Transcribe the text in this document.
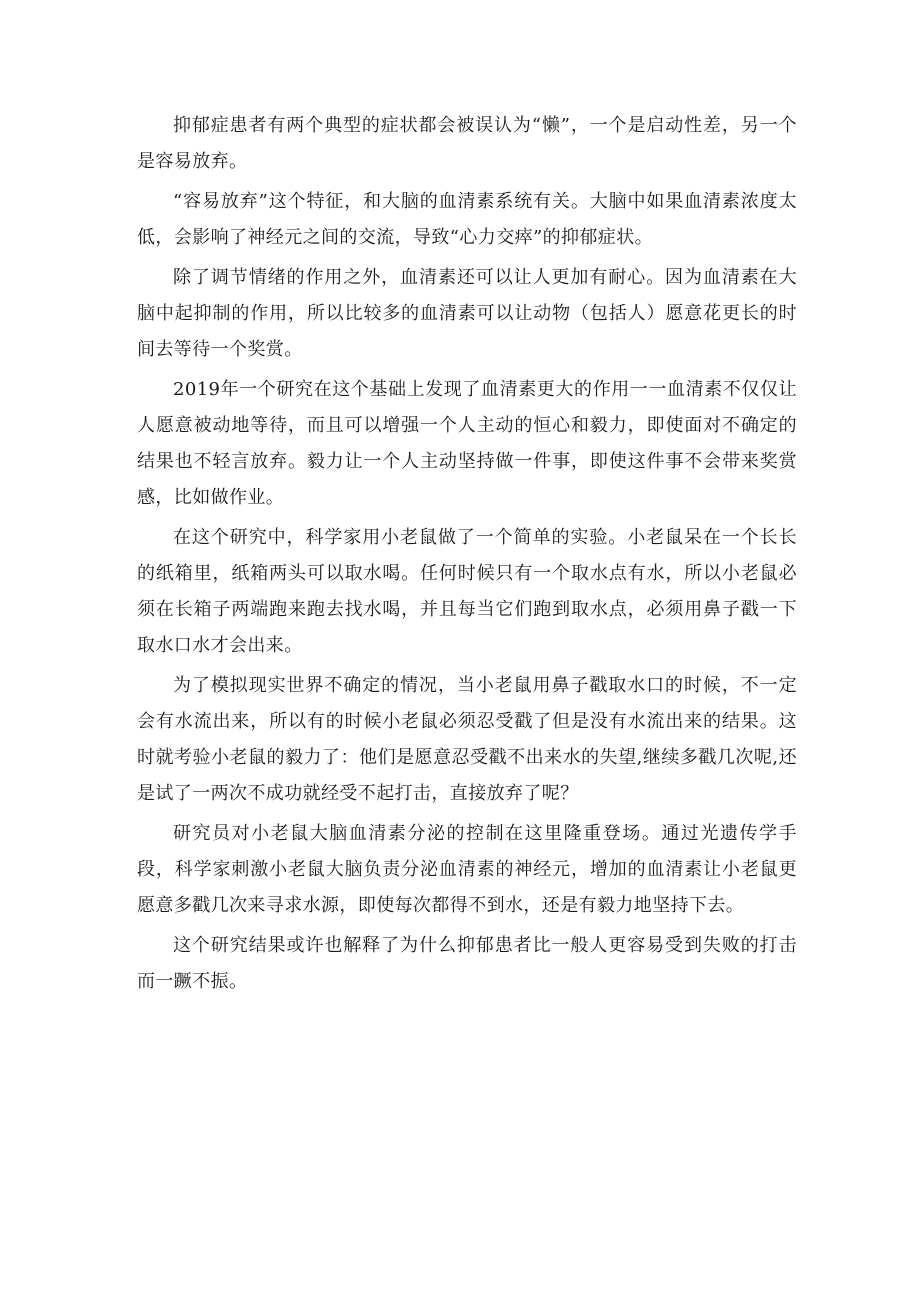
抑郁症患者有两个典型的症状都会被误认为“懒”，一个是启动性差，另一个是容易放弃。

“容易放弃”这个特征，和大脑的血清素系统有关。大脑中如果血清素浓度太低，会影响了神经元之间的交流，导致“心力交瘁”的抑郁症状。

除了调节情绪的作用之外，血清素还可以让人更加有耐心。因为血清素在大脑中起抑制的作用，所以比较多的血清素可以让动物（包括人）愿意花更长的时间去等待一个奖赏。

2019年一个研究在这个基础上发现了血清素更大的作用一一血清素不仅仅让人愿意被动地等待，而且可以增强一个人主动的恒心和毅力，即使面对不确定的结果也不轻言放弃。毅力让一个人主动坚持做一件事，即使这件事不会带来奖赏感，比如做作业。

在这个研究中，科学家用小老鼠做了一个简单的实验。小老鼠呆在一个长长的纸箱里，纸箱两头可以取水喝。任何时候只有一个取水点有水，所以小老鼠必须在长箱子两端跑来跑去找水喝，并且每当它们跑到取水点，必须用鼻子戳一下取水口水才会出来。

为了模拟现实世界不确定的情况，当小老鼠用鼻子戳取水口的时候，不一定会有水流出来，所以有的时候小老鼠必须忍受戳了但是没有水流出来的结果。这时就考验小老鼠的毅力了：他们是愿意忍受戳不出来水的失望,继续多戳几次呢,还是试了一两次不成功就经受不起打击，直接放弃了呢？

研究员对小老鼠大脑血清素分泌的控制在这里隆重登场。通过光遗传学手段，科学家刺激小老鼠大脑负责分泌血清素的神经元，增加的血清素让小老鼠更愿意多戳几次来寻求水源，即使每次都得不到水，还是有毅力地坚持下去。

这个研究结果或许也解释了为什么抑郁患者比一般人更容易受到失败的打击而一蹶不振。
